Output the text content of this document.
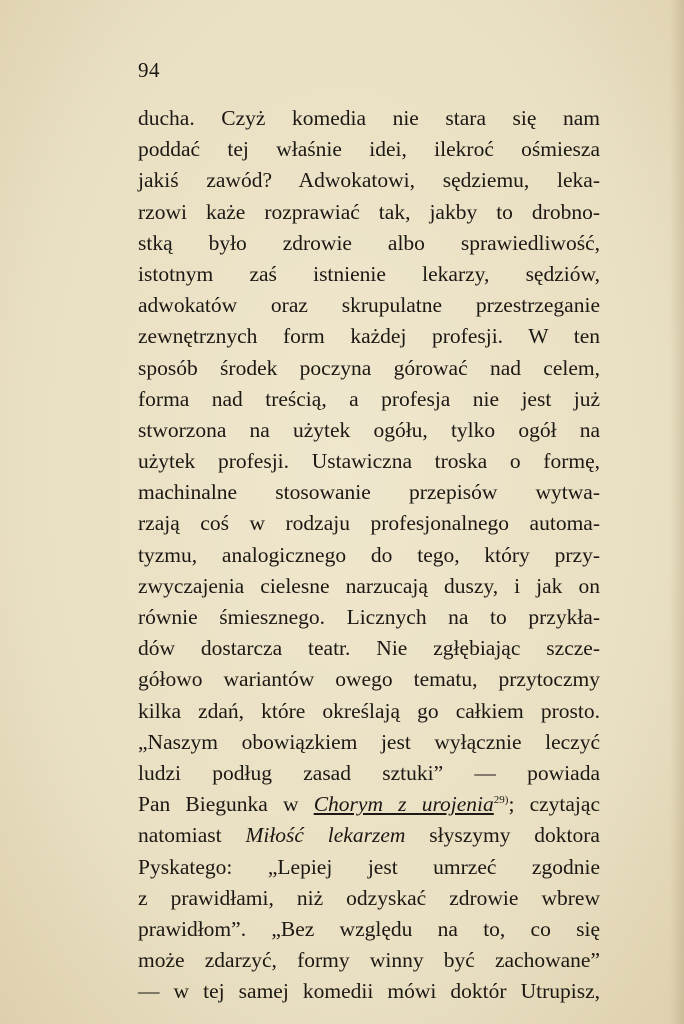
94
ducha. Czyż komedia nie stara się nam
poddać tej właśnie idei, ilekroć ośmiesza
jakiś zawód? Adwokatowi, sędziemu, leka-
rzowi każe rozprawiać tak, jakby to drobno-
stką było zdrowie albo sprawiedliwość,
istotnym zaś istnienie lekarzy, sędziów,
adwokatów oraz skrupulatne przestrzeganie
zewnętrznych form każdej profesji. W ten
sposób środek poczyna górować nad celem,
forma nad treścią, a profesja nie jest już
stworzona na użytek ogółu, tylko ogół na
użytek profesji. Ustawiczna troska o formę,
machinalne stosowanie przepisów wytwa-
rzają coś w rodzaju profesjonalnego automa-
tyzmu, analogicznego do tego, który przy-
zwyczajenia cielesne narzucają duszy, i jak on
równie śmiesznego. Licznych na to przykła-
dów dostarcza teatr. Nie zgłębiając szcze-
gółowo wariantów owego tematu, przytoczmy
kilka zdań, które określają go całkiem prosto.
„Naszym obowiązkiem jest wyłącznie leczyć
ludzi podług zasad sztuki” — powiada
Pan Biegunka w Chorym z urojenia$^{29)}$; czytając
natomiast Miłość lekarzem słyszymy doktora
Pyskatego: „Lepiej jest umrzeć zgodnie
z prawidłami, niż odzyskać zdrowie wbrew
prawidłom”. „Bez względu na to, co się
może zdarzyć, formy winny być zachowane”
— w tej samej komedii mówi doktór Utrupisz,
